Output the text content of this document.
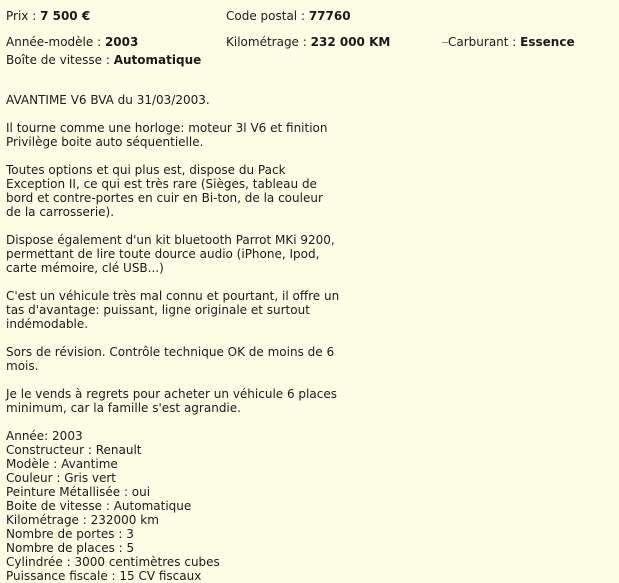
Prix : 7 500 €	Code postal : 77760
Année-modèle : 2003	Kilométrage : 232 000 KM	Carburant : Essence
Boîte de vitesse : Automatique

AVANTIME V6 BVA du 31/03/2003.

Il tourne comme une horloge: moteur 3l V6 et finition
Privilège boite auto séquentielle.

Toutes options et qui plus est, dispose du Pack
Exception II, ce qui est très rare (Sièges, tableau de
bord et contre-portes en cuir en Bi-ton, de la couleur
de la carrosserie).

Dispose également d'un kit bluetooth Parrot MKi 9200,
permettant de lire toute dource audio (iPhone, Ipod,
carte mémoire, clé USB...)

C'est un véhicule très mal connu et pourtant, il offre un
tas d'avantage: puissant, ligne originale et surtout
indémodable.

Sors de révision. Contrôle technique OK de moins de 6
mois.

Je le vends à regrets pour acheter un véhicule 6 places
minimum, car la famille s'est agrandie.

Année: 2003
Constructeur : Renault
Modèle : Avantime
Couleur : Gris vert
Peinture Métallisée : oui
Boite de vitesse : Automatique
Kilométrage : 232000 km
Nombre de portes : 3
Nombre de places : 5
Cylindrée : 3000 centimètres cubes
Puissance fiscale : 15 CV fiscaux
